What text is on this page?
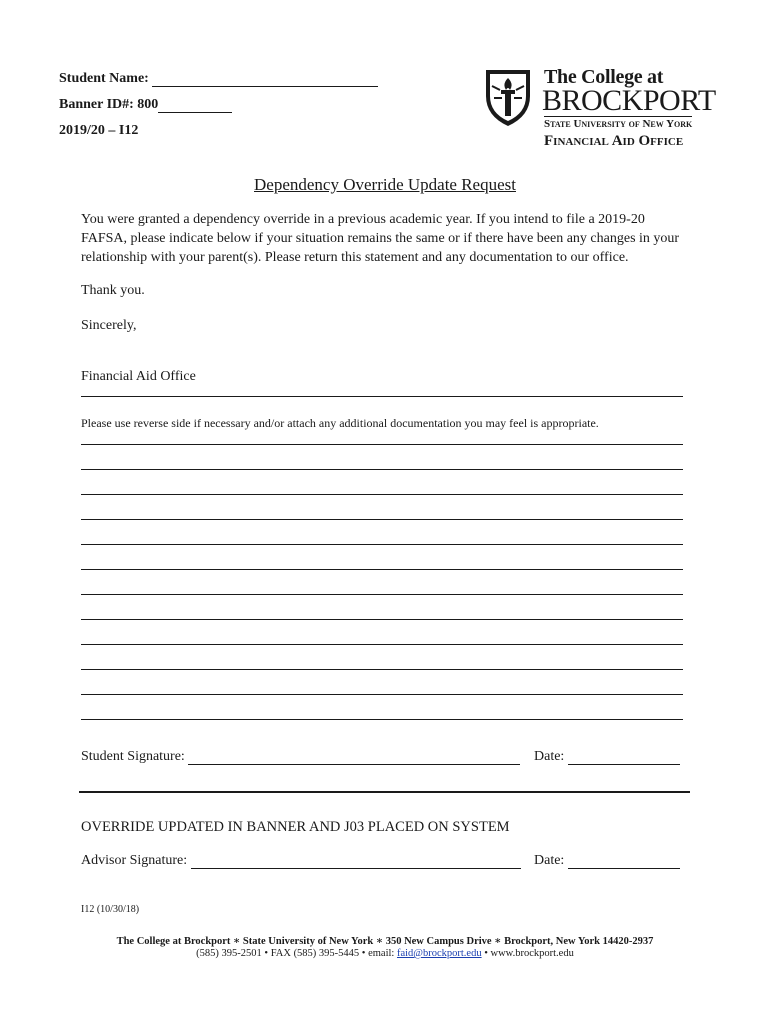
Student Name:
Banner ID#: 800
2019/20 – I12
The College at
BROCKPORT
State University of New York
Financial Aid Office
Dependency Override Update Request
You were granted a dependency override in a previous academic year. If you intend to file a 2019-20 FAFSA, please indicate below if your situation remains the same or if there have been any changes in your relationship with your parent(s). Please return this statement and any documentation to our office.
Thank you.
Sincerely,
Financial Aid Office
Please use reverse side if necessary and/or attach any additional documentation you may feel is appropriate.
Student Signature:	Date:
OVERRIDE UPDATED IN BANNER AND J03 PLACED ON SYSTEM
Advisor Signature:	Date:
I12 (10/30/18)
The College at Brockport ∗ State University of New York ∗ 350 New Campus Drive ∗ Brockport, New York 14420-2937
(585) 395-2501 • FAX (585) 395-5445 • email: faid@brockport.edu • www.brockport.edu
